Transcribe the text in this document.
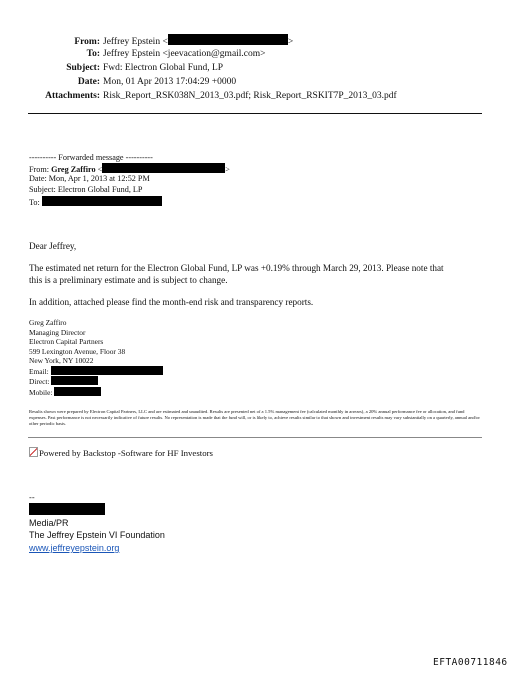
From: Jeffrey Epstein <	>
To: Jeffrey Epstein <jeevacation@gmail.com>
Subject: Fwd: Electron Global Fund, LP
Date: Mon, 01 Apr 2013 17:04:29 +0000
Attachments: Risk_Report_RSK038N_2013_03.pdf; Risk_Report_RSKIT7P_2013_03.pdf
---------- Forwarded message ----------
From: Greg Zaffiro <	>
Date: Mon, Apr 1, 2013 at 12:52 PM
Subject: Electron Global Fund, LP
To:
Dear Jeffrey,
The estimated net return for the Electron Global Fund, LP was +0.19% through March 29, 2013. Please note that
this is a preliminary estimate and is subject to change.
In addition, attached please find the month-end risk and transparency reports.
Greg Zaffiro
Managing Director
Electron Capital Partners
599 Lexington Avenue, Floor 38
New York, NY 10022
Email:
Direct:
Mobile:
Results shown were prepared by Electron Capital Partners, LLC and are estimated and unaudited. Results are presented net of a 1.5% management fee (calculated monthly in arrears), a 20% annual performance fee or allocation, and fund expenses. Past performance is not necessarily indicative of future results. No representation is made that the fund will, or is likely to, achieve results similar to that shown and investment results may vary substantially on a quarterly, annual and/or other periodic basis.
Powered by Backstop -Software for HF Investors
--
Media/PR
The Jeffrey Epstein VI Foundation
www.jeffreyepstein.org
EFTA00711846
